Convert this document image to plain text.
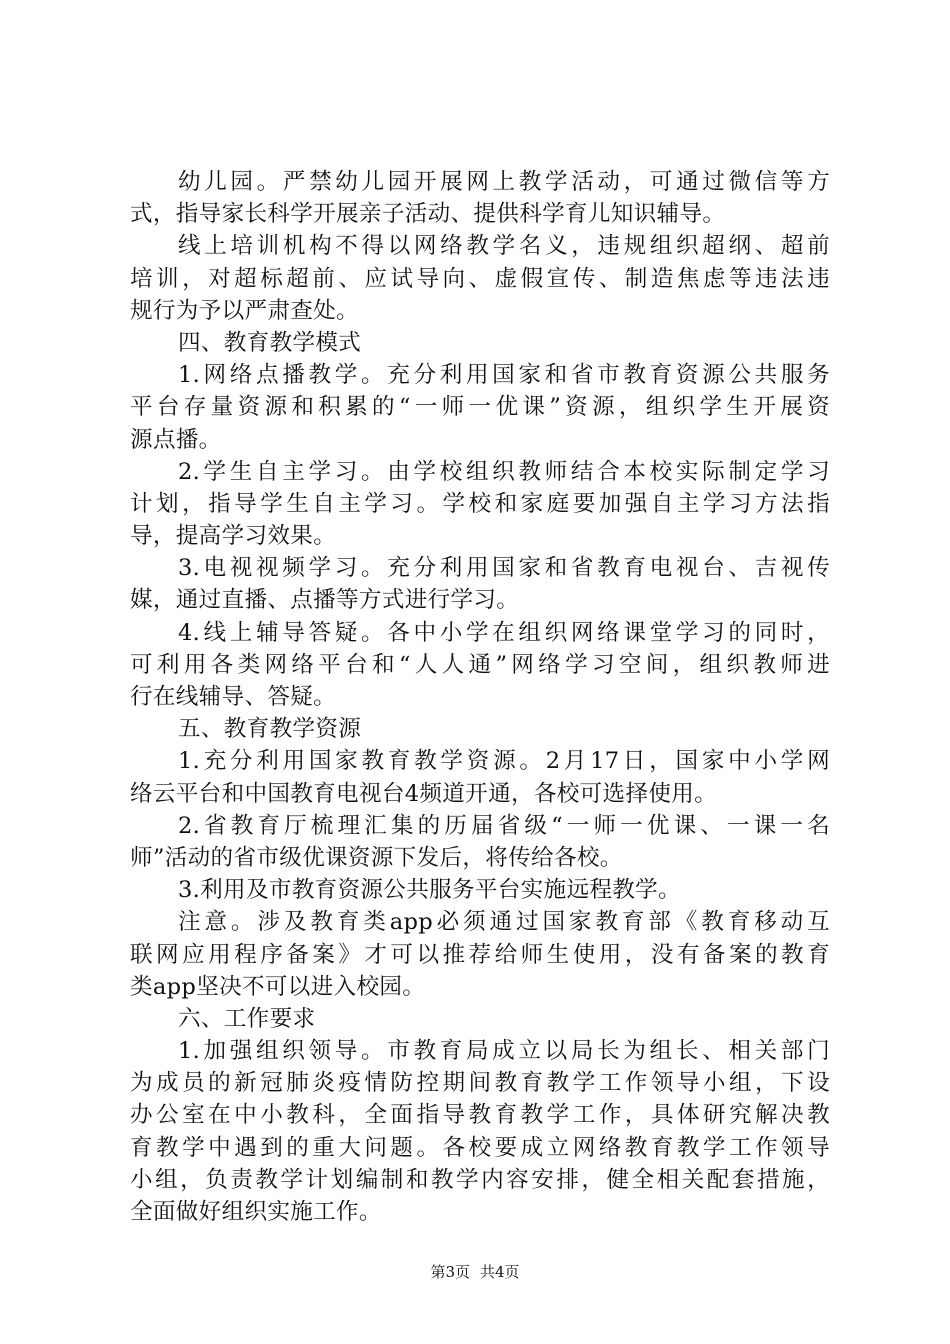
幼儿园。严禁幼儿园开展网上教学活动，可通过微信等方
式，指导家长科学开展亲子活动、提供科学育儿知识辅导。
线上培训机构不得以网络教学名义，违规组织超纲、超前
培训，对超标超前、应试导向、虚假宣传、制造焦虑等违法违
规行为予以严肃查处。
四、教育教学模式
1.网络点播教学。充分利用国家和省市教育资源公共服务
平台存量资源和积累的“一师一优课”资源，组织学生开展资
源点播。
2.学生自主学习。由学校组织教师结合本校实际制定学习
计划，指导学生自主学习。学校和家庭要加强自主学习方法指
导，提高学习效果。
3.电视视频学习。充分利用国家和省教育电视台、吉视传
媒，通过直播、点播等方式进行学习。
4.线上辅导答疑。各中小学在组织网络课堂学习的同时，
可利用各类网络平台和“人人通”网络学习空间，组织教师进
行在线辅导、答疑。
五、教育教学资源
1.充分利用国家教育教学资源。2月17日，国家中小学网
络云平台和中国教育电视台4频道开通，各校可选择使用。
2.省教育厅梳理汇集的历届省级“一师一优课、一课一名
师”活动的省市级优课资源下发后，将传给各校。
3.利用及市教育资源公共服务平台实施远程教学。
注意。涉及教育类app必须通过国家教育部《教育移动互
联网应用程序备案》才可以推荐给师生使用，没有备案的教育
类app坚决不可以进入校园。
六、工作要求
1.加强组织领导。市教育局成立以局长为组长、相关部门
为成员的新冠肺炎疫情防控期间教育教学工作领导小组，下设
办公室在中小教科，全面指导教育教学工作，具体研究解决教
育教学中遇到的重大问题。各校要成立网络教育教学工作领导
小组，负责教学计划编制和教学内容安排，健全相关配套措施，
全面做好组织实施工作。
第3页 共4页
